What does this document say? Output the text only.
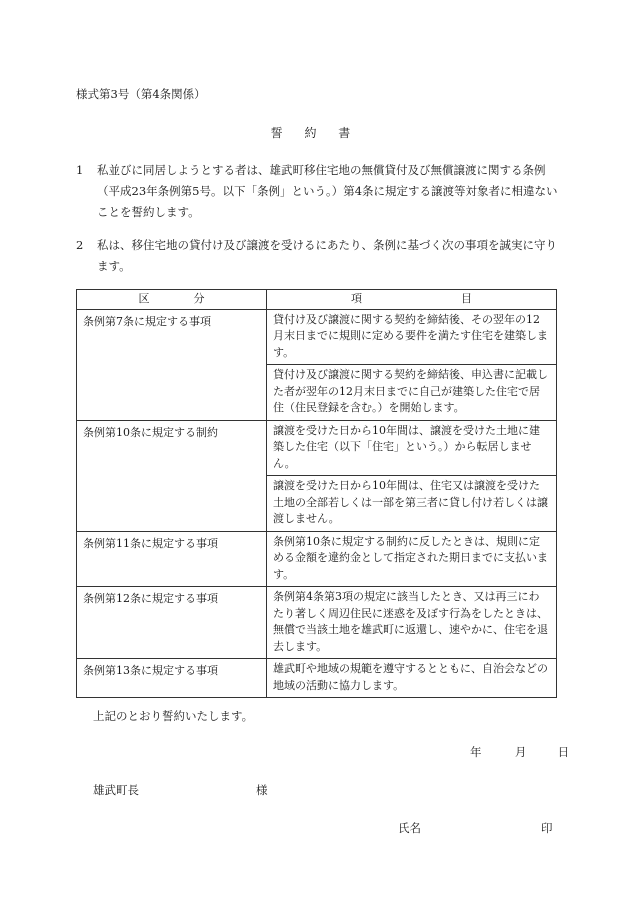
様式第3号（第4条関係）
誓 約 書
1 私並びに同居しようとする者は、雄武町移住宅地の無償貸付及び無償譲渡に関する条例（平成23年条例第5号。以下「条例」という。）第4条に規定する譲渡等対象者に相違ないことを誓約します。
2 私は、移住宅地の貸付け及び譲渡を受けるにあたり、条例に基づく次の事項を誠実に守ります。
区　　　　分	項　　　　　　　　　目
条例第7条に規定する事項	貸付け及び譲渡に関する契約を締結後、その翌年の12月末日までに規則に定める要件を満たす住宅を建築します。
	貸付け及び譲渡に関する契約を締結後、申込書に記載した者が翌年の12月末日までに自己が建築した住宅で居住（住民登録を含む。）を開始します。
条例第10条に規定する制約	譲渡を受けた日から10年間は、譲渡を受けた土地に建築した住宅（以下「住宅」という。）から転居しません。
	譲渡を受けた日から10年間は、住宅又は譲渡を受けた土地の全部若しくは一部を第三者に貸し付け若しくは譲渡しません。
条例第11条に規定する事項	条例第10条に規定する制約に反したときは、規則に定める金額を違約金として指定された期日までに支払います。
条例第12条に規定する事項	条例第4条第3項の規定に該当したとき、又は再三にわたり著しく周辺住民に迷惑を及ぼす行為をしたときは、無償で当該土地を雄武町に返還し、速やかに、住宅を退去します。
条例第13条に規定する事項	雄武町や地域の規範を遵守するとともに、自治会などの地域の活動に協力します。
上記のとおり誓約いたします。
年	月	日
雄武町長	様
氏名	印
